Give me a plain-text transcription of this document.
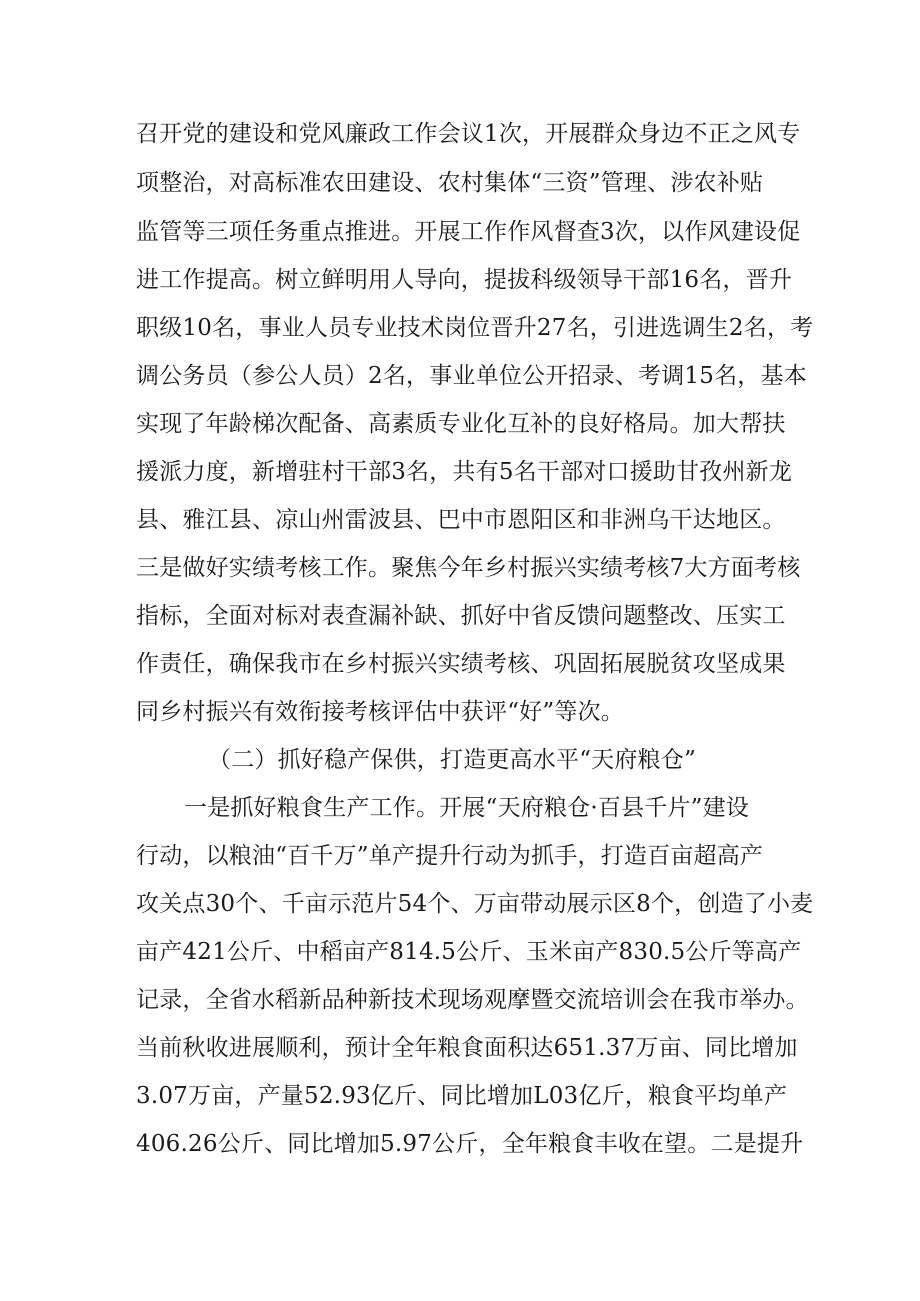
召开党的建设和党风廉政工作会议1次，开展群众身边不正之风专
项整治，对高标准农田建设、农村集体“三资”管理、涉农补贴
监管等三项任务重点推进。开展工作作风督查3次，以作风建设促
进工作提高。树立鲜明用人导向，提拔科级领导干部16名，晋升
职级10名，事业人员专业技术岗位晋升27名，引进选调生2名，考
调公务员（参公人员）2名，事业单位公开招录、考调15名，基本
实现了年龄梯次配备、高素质专业化互补的良好格局。加大帮扶
援派力度，新增驻村干部3名，共有5名干部对口援助甘孜州新龙
县、雅江县、凉山州雷波县、巴中市恩阳区和非洲乌干达地区。
三是做好实绩考核工作。聚焦今年乡村振兴实绩考核7大方面考核
指标，全面对标对表查漏补缺、抓好中省反馈问题整改、压实工
作责任，确保我市在乡村振兴实绩考核、巩固拓展脱贫攻坚成果
同乡村振兴有效衔接考核评估中获评“好”等次。
（二）抓好稳产保供，打造更高水平“天府粮仓”
一是抓好粮食生产工作。开展“天府粮仓·百县千片”建设
行动，以粮油“百千万”单产提升行动为抓手，打造百亩超高产
攻关点30个、千亩示范片54个、万亩带动展示区8个，创造了小麦
亩产421公斤、中稻亩产814.5公斤、玉米亩产830.5公斤等高产
记录，全省水稻新品种新技术现场观摩暨交流培训会在我市举办。
当前秋收进展顺利，预计全年粮食面积达651.37万亩、同比增加
3.07万亩，产量52.93亿斤、同比增加L03亿斤，粮食平均单产
406.26公斤、同比增加5.97公斤，全年粮食丰收在望。二是提升
